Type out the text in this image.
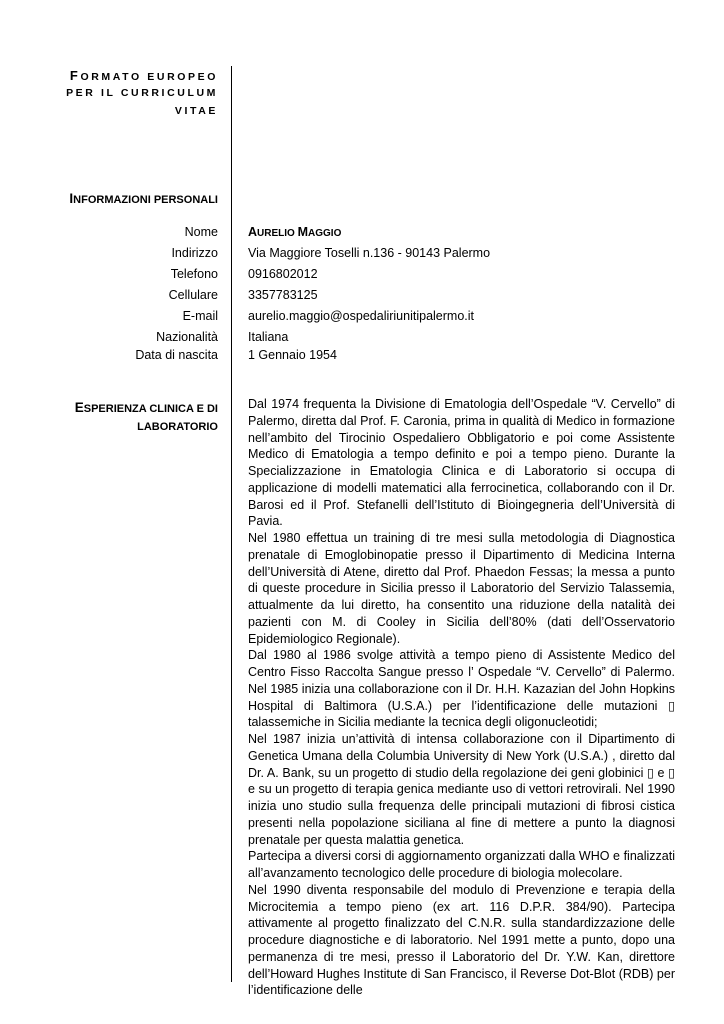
FORMATO EUROPEO
PER IL CURRICULUM
VITAE
INFORMAZIONI PERSONALI
Nome AURELIO MAGGIO
Indirizzo Via Maggiore Toselli n.136 - 90143 Palermo
Telefono 0916802012
Cellulare 3357783125
E-mail aurelio.maggio@ospedaliriunitipalermo.it
Nazionalità Italiana
Data di nascita 1 Gennaio 1954
ESPERIENZA CLINICA E DI
LABORATORIO

Dal 1974 frequenta la Divisione di Ematologia dell’Ospedale “V. Cervello” di Palermo, diretta dal Prof. F. Caronia, prima in qualità di Medico in formazione nell’ambito del Tirocinio Ospedaliero Obbligatorio e poi come Assistente Medico di Ematologia a tempo definito e poi a tempo pieno. Durante la Specializzazione in Ematologia Clinica e di Laboratorio si occupa di applicazione di modelli matematici alla ferrocinetica, collaborando con il Dr. Barosi ed il Prof. Stefanelli dell’Istituto di Bioingegneria dell’Università di Pavia.

Nel 1980 effettua un training di tre mesi sulla metodologia di Diagnostica prenatale di Emoglobinopatie presso il Dipartimento di Medicina Interna dell’Università di Atene, diretto dal Prof. Phaedon Fessas; la messa a punto di queste procedure in Sicilia presso il Laboratorio del Servizio Talassemia, attualmente da lui diretto, ha consentito una riduzione della natalità dei pazienti con M. di Cooley in Sicilia dell’80% (dati dell’Osservatorio Epidemiologico Regionale).

Dal 1980 al 1986 svolge attività a tempo pieno di Assistente Medico del Centro Fisso Raccolta Sangue presso l’ Ospedale “V. Cervello” di Palermo. Nel 1985 inizia una collaborazione con il Dr. H.H. Kazazian del John Hopkins Hospital di Baltimora (U.S.A.) per l’identificazione delle mutazioni ▯ talassemiche in Sicilia mediante la tecnica degli oligonucleotidi;

Nel 1987 inizia un’attività di intensa collaborazione con il Dipartimento di Genetica Umana della Columbia University di New York (U.S.A.) , diretto dal Dr. A. Bank, su un progetto di studio della regolazione dei geni globinici ▯ e ▯ e su un progetto di terapia genica mediante uso di vettori retrovirali. Nel 1990 inizia uno studio sulla frequenza delle principali mutazioni di fibrosi cistica presenti nella popolazione siciliana al fine di mettere a punto la diagnosi prenatale per questa malattia genetica.

Partecipa a diversi corsi di aggiornamento organizzati dalla WHO e finalizzati all’avanzamento tecnologico delle procedure di biologia molecolare.

Nel 1990 diventa responsabile del modulo di Prevenzione e terapia della Microcitemia a tempo pieno (ex art. 116 D.P.R. 384/90). Partecipa attivamente al progetto finalizzato del C.N.R. sulla standardizzazione delle procedure diagnostiche e di laboratorio. Nel 1991 mette a punto, dopo una permanenza di tre mesi, presso il Laboratorio del Dr. Y.W. Kan, direttore dell’Howard Hughes Institute di San Francisco, il Reverse Dot-Blot (RDB) per l’identificazione delle
